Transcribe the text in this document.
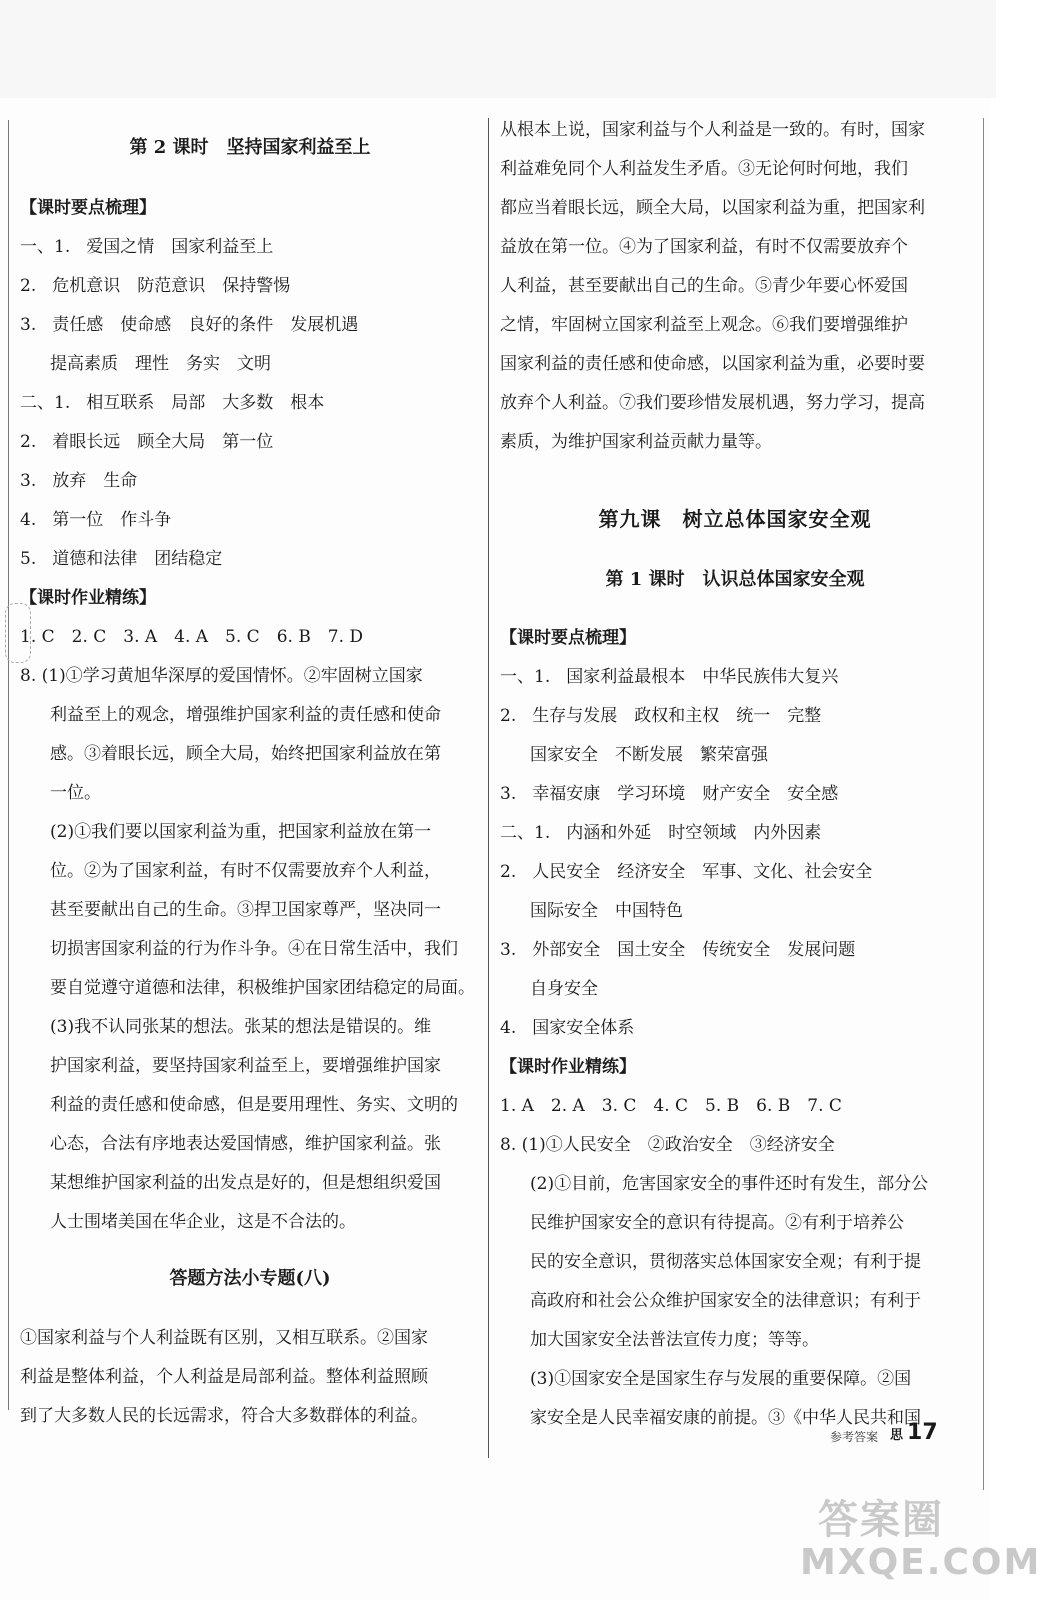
第 2 课时　坚持国家利益至上
【课时要点梳理】
一、1. 爱国之情　国家利益至上
2. 危机意识　防范意识　保持警惕
3. 责任感　使命感　良好的条件　发展机遇
提高素质　理性　务实　文明
二、1. 相互联系　局部　大多数　根本
2. 着眼长远　顾全大局　第一位
3. 放弃　生命
4. 第一位　作斗争
5. 道德和法律　团结稳定
【课时作业精练】
1. C　2. C　3. A　4. A　5. C　6. B　7. D
8. (1)①学习黄旭华深厚的爱国情怀。②牢固树立国家
利益至上的观念，增强维护国家利益的责任感和使命
感。③着眼长远，顾全大局，始终把国家利益放在第
一位。
(2)①我们要以国家利益为重，把国家利益放在第一
位。②为了国家利益，有时不仅需要放弃个人利益，
甚至要献出自己的生命。③捍卫国家尊严，坚决同一
切损害国家利益的行为作斗争。④在日常生活中，我们
要自觉遵守道德和法律，积极维护国家团结稳定的局面。
(3)我不认同张某的想法。张某的想法是错误的。维
护国家利益，要坚持国家利益至上，要增强维护国家
利益的责任感和使命感，但是要用理性、务实、文明的
心态，合法有序地表达爱国情感，维护国家利益。张
某想维护国家利益的出发点是好的，但是想组织爱国
人士围堵美国在华企业，这是不合法的。
答题方法小专题(八)
①国家利益与个人利益既有区别，又相互联系。②国家
利益是整体利益，个人利益是局部利益。整体利益照顾
到了大多数人民的长远需求，符合大多数群体的利益。
从根本上说，国家利益与个人利益是一致的。有时，国家
利益难免同个人利益发生矛盾。③无论何时何地，我们
都应当着眼长远，顾全大局，以国家利益为重，把国家利
益放在第一位。④为了国家利益，有时不仅需要放弃个
人利益，甚至要献出自己的生命。⑤青少年要心怀爱国
之情，牢固树立国家利益至上观念。⑥我们要增强维护
国家利益的责任感和使命感，以国家利益为重，必要时要
放弃个人利益。⑦我们要珍惜发展机遇，努力学习，提高
素质，为维护国家利益贡献力量等。
第九课　树立总体国家安全观
第 1 课时　认识总体国家安全观
【课时要点梳理】
一、1. 国家利益最根本　中华民族伟大复兴
2. 生存与发展　政权和主权　统一　完整
国家安全　不断发展　繁荣富强
3. 幸福安康　学习环境　财产安全　安全感
二、1. 内涵和外延　时空领域　内外因素
2. 人民安全　经济安全　军事、文化、社会安全
国际安全　中国特色
3. 外部安全　国土安全　传统安全　发展问题
自身安全
4. 国家安全体系
【课时作业精练】
1. A　2. A　3. C　4. C　5. B　6. B　7. C
8. (1)①人民安全　②政治安全　③经济安全
(2)①目前，危害国家安全的事件还时有发生，部分公
民维护国家安全的意识有待提高。②有利于培养公
民的安全意识，贯彻落实总体国家安全观；有利于提
高政府和社会公众维护国家安全的法律意识；有利于
加大国家安全法普法宣传力度；等等。
(3)①国家安全是国家生存与发展的重要保障。②国
家安全是人民幸福安康的前提。③《中华人民共和国
参考答案 思 17
答案圈
MXQE.COM
